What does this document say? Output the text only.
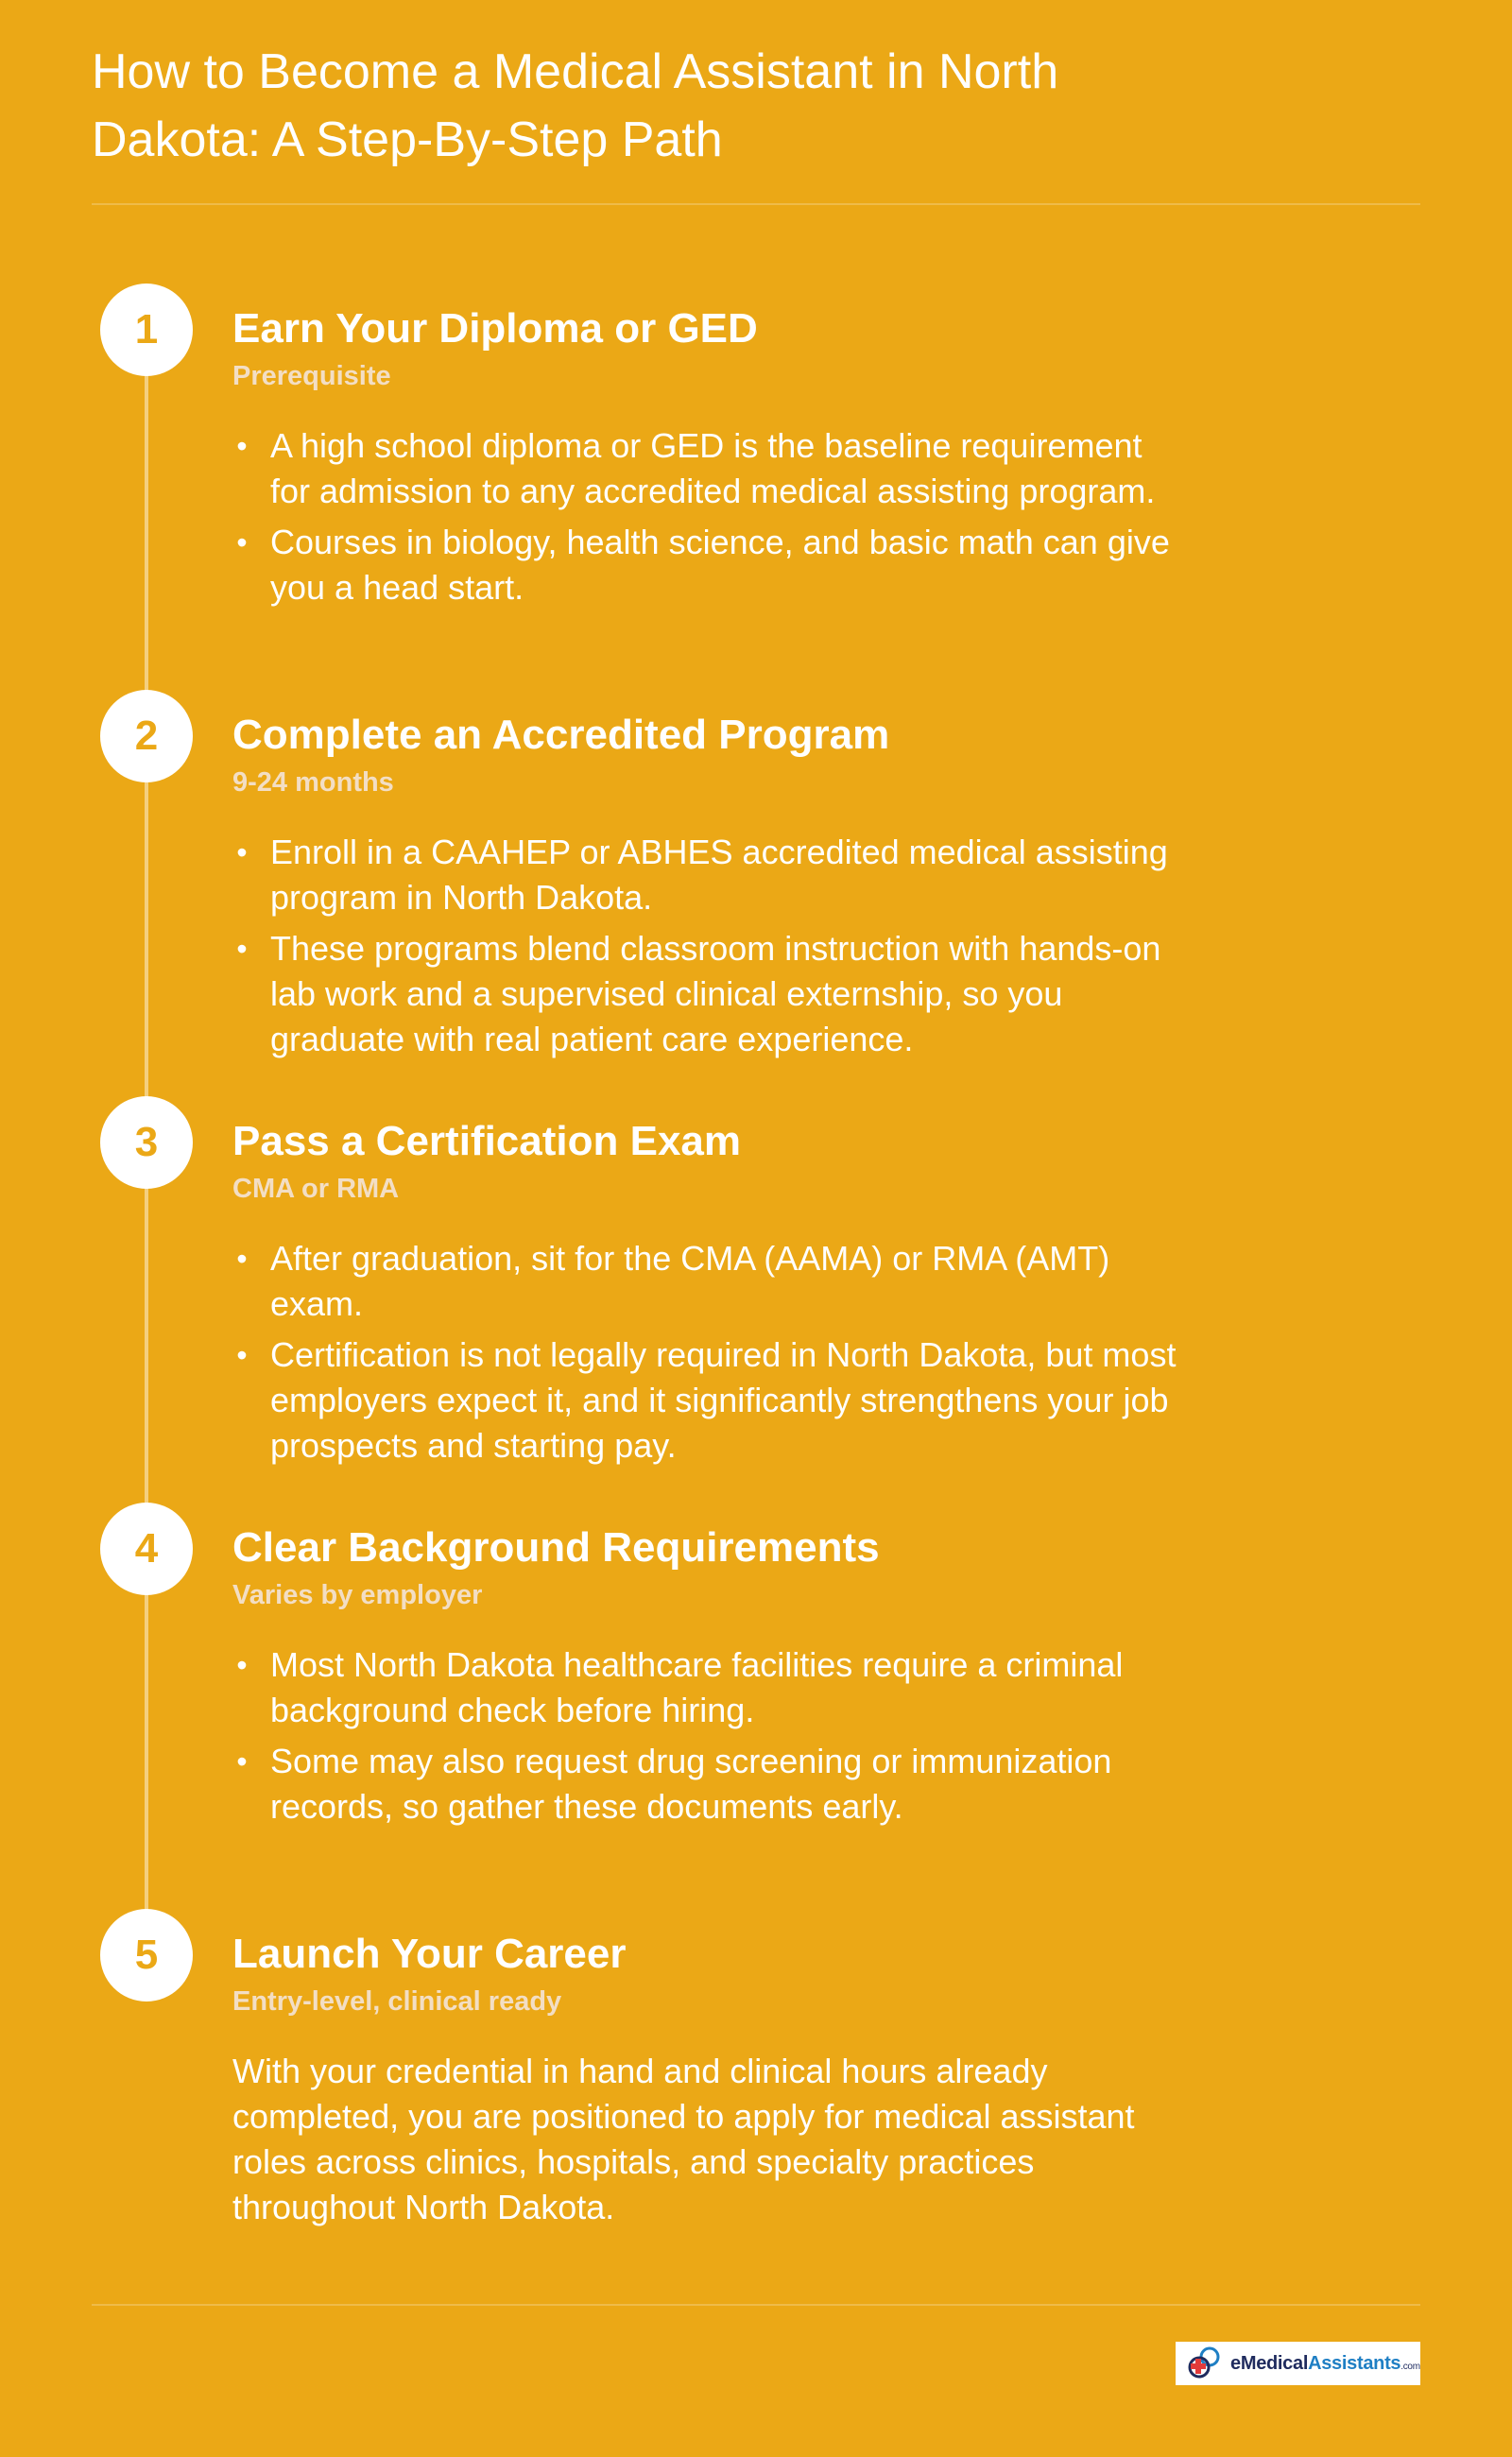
How to Become a Medical Assistant in North Dakota: A Step-By-Step Path
1	Earn Your Diploma or GED
Prerequisite
• A high school diploma or GED is the baseline requirement for admission to any accredited medical assisting program.
• Courses in biology, health science, and basic math can give you a head start.
2	Complete an Accredited Program
9-24 months
• Enroll in a CAAHEP or ABHES accredited medical assisting program in North Dakota.
• These programs blend classroom instruction with hands-on lab work and a supervised clinical externship, so you graduate with real patient care experience.
3	Pass a Certification Exam
CMA or RMA
• After graduation, sit for the CMA (AAMA) or RMA (AMT) exam.
• Certification is not legally required in North Dakota, but most employers expect it, and it significantly strengthens your job prospects and starting pay.
4	Clear Background Requirements
Varies by employer
• Most North Dakota healthcare facilities require a criminal background check before hiring.
• Some may also request drug screening or immunization records, so gather these documents early.
5	Launch Your Career
Entry-level, clinical ready

With your credential in hand and clinical hours already completed, you are positioned to apply for medical assistant roles across clinics, hospitals, and specialty practices throughout North Dakota.

eMedicalAssistants.com
